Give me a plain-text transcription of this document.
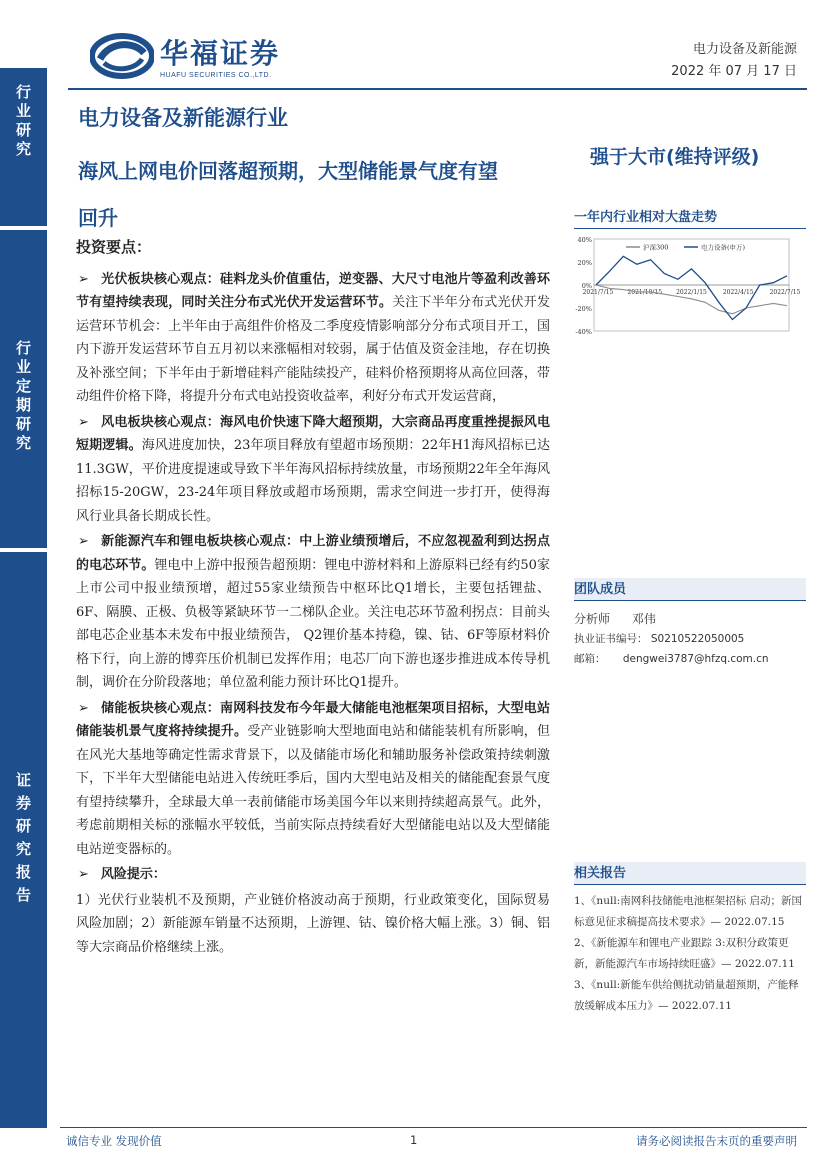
行业研究
行业定期研究
证券研究报告
华福证券
HUAFU SECURITIES CO.,LTD.
电力设备及新能源
2022 年 07 月 17 日
电力设备及新能源行业
海风上网电价回落超预期，大型储能景气度有望
回升
强于大市(维持评级)
投资要点：
➢ 光伏板块核心观点：硅料龙头价值重估，逆变器、大尺寸电池片等盈利改善环节有望持续表现，同时关注分布式光伏开发运营环节。关注下半年分布式光伏开发运营环节机会：上半年由于高组件价格及二季度疫情影响部分分布式项目开工，国内下游开发运营环节自五月初以来涨幅相对较弱，属于估值及资金洼地，存在切换及补涨空间；下半年由于新增硅料产能陆续投产，硅料价格预期将从高位回落，带动组件价格下降，将提升分布式电站投资收益率，利好分布式开发运营商，
➢ 风电板块核心观点：海风电价快速下降大超预期，大宗商品再度重挫提振风电短期逻辑。海风进度加快，23年项目释放有望超市场预期：22年H1海风招标已达11.3GW，平价进度提速或导致下半年海风招标持续放量，市场预期22年全年海风招标15-20GW，23-24年项目释放或超市场预期，需求空间进一步打开，使得海风行业具备长期成长性。
➢ 新能源汽车和锂电板块核心观点：中上游业绩预增后，不应忽视盈利到达拐点的电芯环节。锂电中上游中报预告超预期：锂电中游材料和上游原料已经有约50家上市公司中报业绩预增，超过55家业绩预告中枢环比Q1增长，主要包括锂盐、6F、隔膜、正极、负极等紧缺环节一二梯队企业。关注电芯环节盈利拐点：目前头部电芯企业基本未发布中报业绩预告， Q2锂价基本持稳，镍、钴、6F等原材料价格下行，向上游的博弈压价机制已发挥作用；电芯厂向下游也逐步推进成本传导机制，调价在分阶段落地；单位盈利能力预计环比Q1提升。
➢ 储能板块核心观点：南网科技发布今年最大储能电池框架项目招标，大型电站储能装机景气度将持续提升。受产业链影响大型地面电站和储能装机有所影响，但在风光大基地等确定性需求背景下，以及储能市场化和辅助服务补偿政策持续刺激下，下半年大型储能电站进入传统旺季后，国内大型电站及相关的储能配套景气度有望持续攀升，全球最大单一表前储能市场美国今年以来則持续超高景气。此外，考虑前期相关标的涨幅水平较低，当前实际点持续看好大型储能电站以及大型储能电站逆变器标的。
➢ 风险提示：
1）光伏行业装机不及预期，产业链价格波动高于预期，行业政策变化，国际贸易风险加剧；2）新能源车销量不达预期，上游锂、钴、镍价格大幅上涨。3）铜、铝等大宗商品价格继续上涨。
一年内行业相对大盘走势
40%
20%
0%
-20%
-40%
2021/7/15 2021/10/15 2022/1/15	2022/4/15	2022/7/15
沪深300	电力设备(申万)
团队成员
分析师 邓伟
执业证书编号： S0210522050005
邮箱： dengwei3787@hfzq.com.cn
相关报告
1、《null:南网科技储能电池框架招标 启动；新国标意见征求稿提高技术要求》— 2022.07.15
2、《新能源车和锂电产业跟踪 3:双积分政策更新，新能源汽车市场持续旺盛》— 2022.07.11
3、《null:新能车供给侧扰动销量超预期，产能释放缓解成本压力》— 2022.07.11
诚信专业 发现价值	1	请务必阅读报告末页的重要声明
